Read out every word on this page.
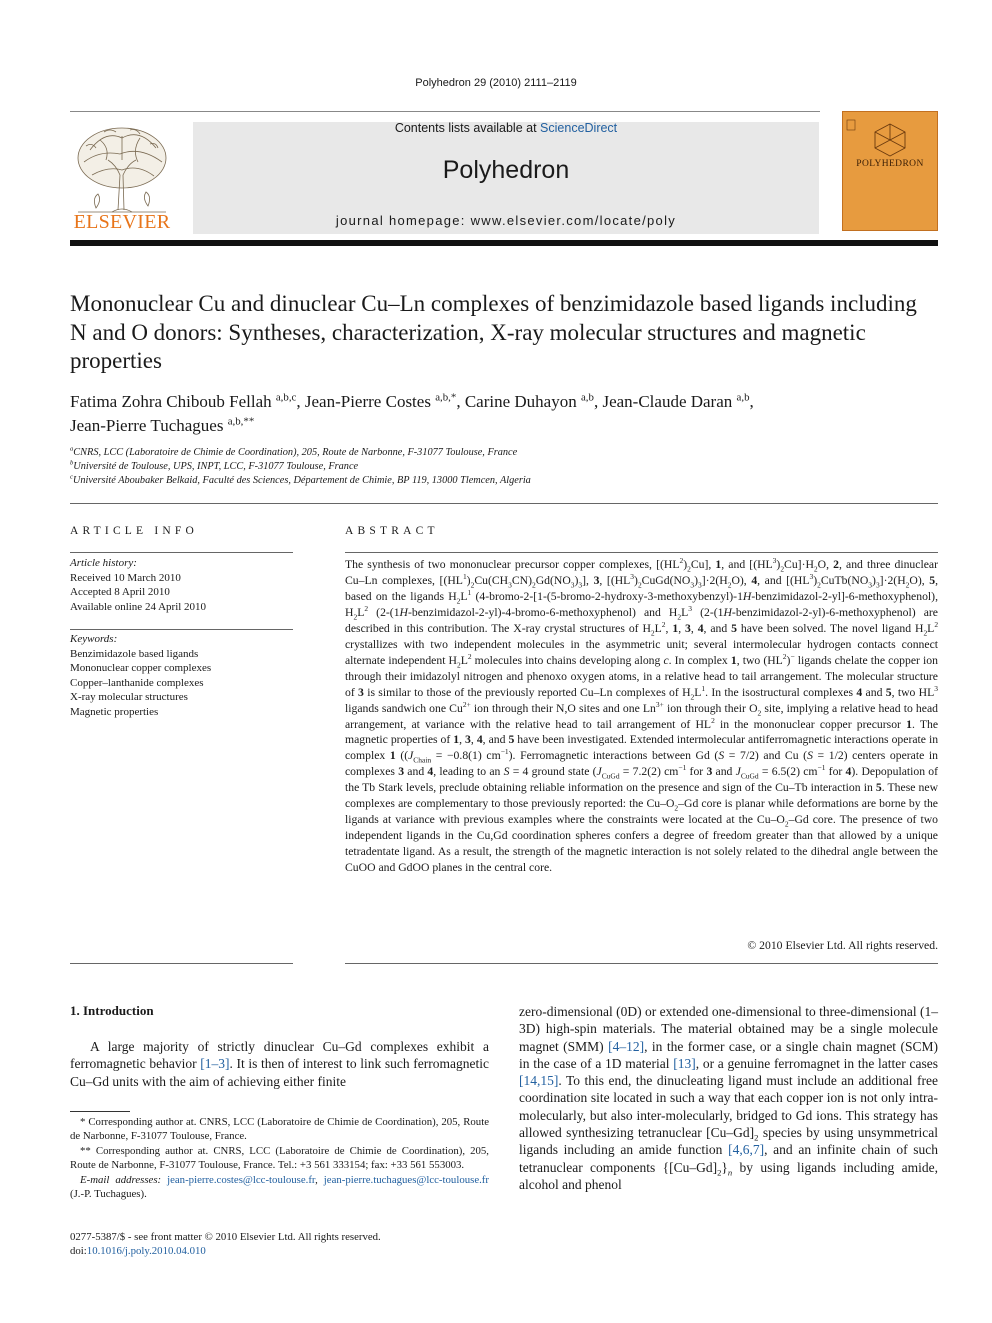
Polyhedron 29 (2010) 2111–2119
ELSEVIER
Contents lists available at ScienceDirect
Polyhedron
journal homepage: www.elsevier.com/locate/poly
POLYHEDRON
Mononuclear Cu and dinuclear Cu–Ln complexes of benzimidazole based ligands including N and O donors: Syntheses, characterization, X-ray molecular structures and magnetic properties
Fatima Zohra Chiboub Fellah $^{a,b,c}$, Jean-Pierre Costes $^{a,b,*}$, Carine Duhayon $^{a,b}$, Jean-Claude Daran $^{a,b}$,
Jean-Pierre Tuchagues $^{a,b,**}$
$^a$CNRS, LCC (Laboratoire de Chimie de Coordination), 205, Route de Narbonne, F-31077 Toulouse, France
$^b$Université de Toulouse, UPS, INPT, LCC, F-31077 Toulouse, France
$^c$Université Aboubaker Belkaid, Faculté des Sciences, Département de Chimie, BP 119, 13000 Tlemcen, Algeria
ARTICLE INFO	ABSTRACT
Article history:
Received 10 March 2010
Accepted 8 April 2010
Available online 24 April 2010
Keywords:
Benzimidazole based ligands
Mononuclear copper complexes
Copper–lanthanide complexes
X-ray molecular structures
Magnetic properties

The synthesis of two mononuclear precursor copper complexes, $[(HL^2)_2Cu]$, 1, and $[(HL^3)_2Cu]\cdot H_2O$, 2, and three dinuclear Cu–Ln complexes, $[(HL^1)_2Cu(CH_3CN)_2Gd(NO_3)_3]$, 3, $[(HL^3)_2CuGd(NO_3)_3]\cdot 2(H_2O)$, 4, and $[(HL^3)_2CuTb(NO_3)_3]\cdot 2(H_2O)$, 5, based on the ligands $H_2L^1$ (4-bromo-2-[1-(5-bromo-2-hydroxy-3-methoxybenzyl)-1H-benzimidazol-2-yl]-6-methoxyphenol), $H_2L^2$ (2-(1H-benzimidazol-2-yl)-4-bromo-6-methoxyphenol) and $H_2L^3$ (2-(1H-benzimidazol-2-yl)-6-methoxyphenol) are described in this contribution. The X-ray crystal structures of $H_2L^2$, 1, 3, 4, and 5 have been solved. The novel ligand $H_2L^2$ crystallizes with two independent molecules in the asymmetric unit; several intermolecular hydrogen contacts connect alternate independent $H_2L^2$ molecules into chains developing along c. In complex 1, two $(HL^2)^-$ ligands chelate the copper ion through their imidazolyl nitrogen and phenoxo oxygen atoms, in a relative head to tail arrangement. The molecular structure of 3 is similar to those of the previously reported Cu–Ln complexes of $H_2L^1$. In the isostructural complexes 4 and 5, two $HL^3$ ligands sandwich one $Cu^{2+}$ ion through their N,O sites and one $Ln^{3+}$ ion through their $O_2$ site, implying a relative head to head arrangement, at variance with the relative head to tail arrangement of $HL^2$ in the mononuclear copper precursor 1. The magnetic properties of 1, 3, 4, and 5 have been investigated. Extended intermolecular antiferromagnetic interactions operate in complex 1 (($J_{Chain} = -0.8(1)$ $cm^{-1}$). Ferromagnetic interactions between Gd (S = 7/2) and Cu (S = 1/2) centers operate in complexes 3 and 4, leading to an S = 4 ground state ($J_{CuGd} = 7.2(2)$ $cm^{-1}$ for 3 and $J_{CuGd} = 6.5(2)$ $cm^{-1}$ for 4). Depopulation of the Tb Stark levels, preclude obtaining reliable information on the presence and sign of the Cu–Tb interaction in 5. These new complexes are complementary to those previously reported: the $Cu-O_2-Gd$ core is planar while deformations are borne by the ligands at variance with previous examples where the constraints were located at the $Cu-O_2-Gd$ core. The presence of two independent ligands in the Cu,Gd coordination spheres confers a degree of freedom greater than that allowed by a unique tetradentate ligand. As a result, the strength of the magnetic interaction is not solely related to the dihedral angle between the CuOO and GdOO planes in the central core.

© 2010 Elsevier Ltd. All rights reserved.
1. Introduction

A large majority of strictly dinuclear Cu–Gd complexes exhibit a ferromagnetic behavior [1–3]. It is then of interest to link such ferromagnetic Cu–Gd units with the aim of achieving either finite

zero-dimensional (0D) or extended one-dimensional to three-dimensional (1–3D) high-spin materials. The material obtained may be a single molecule magnet (SMM) [4–12], in the former case, or a single chain magnet (SCM) in the case of a 1D material [13], or a genuine ferromagnet in the latter cases [14,15]. To this end, the dinucleating ligand must include an additional free coordination site located in such a way that each copper ion is not only intra-molecularly, but also inter-molecularly, bridged to Gd ions. This strategy has allowed synthesizing tetranuclear $[Cu-Gd]_2$ species by using unsymmetrical ligands including an amide function [4,6,7], and an infinite chain of such tetranuclear components $\{[Cu-Gd]_2\}_n$ by using ligands including amide, alcohol and phenol

* Corresponding author at. CNRS, LCC (Laboratoire de Chimie de Coordination), 205, Route de Narbonne, F-31077 Toulouse, France.

** Corresponding author at. CNRS, LCC (Laboratoire de Chimie de Coordination), 205, Route de Narbonne, F-31077 Toulouse, France. Tel.: +3 561 333154; fax: +33 561 553003.

E-mail addresses: jean-pierre.costes@lcc-toulouse.fr, jean-pierre.tuchagues@lcc-toulouse.fr (J.-P. Tuchagues).

0277-5387/$ - see front matter © 2010 Elsevier Ltd. All rights reserved.
doi:10.1016/j.poly.2010.04.010
